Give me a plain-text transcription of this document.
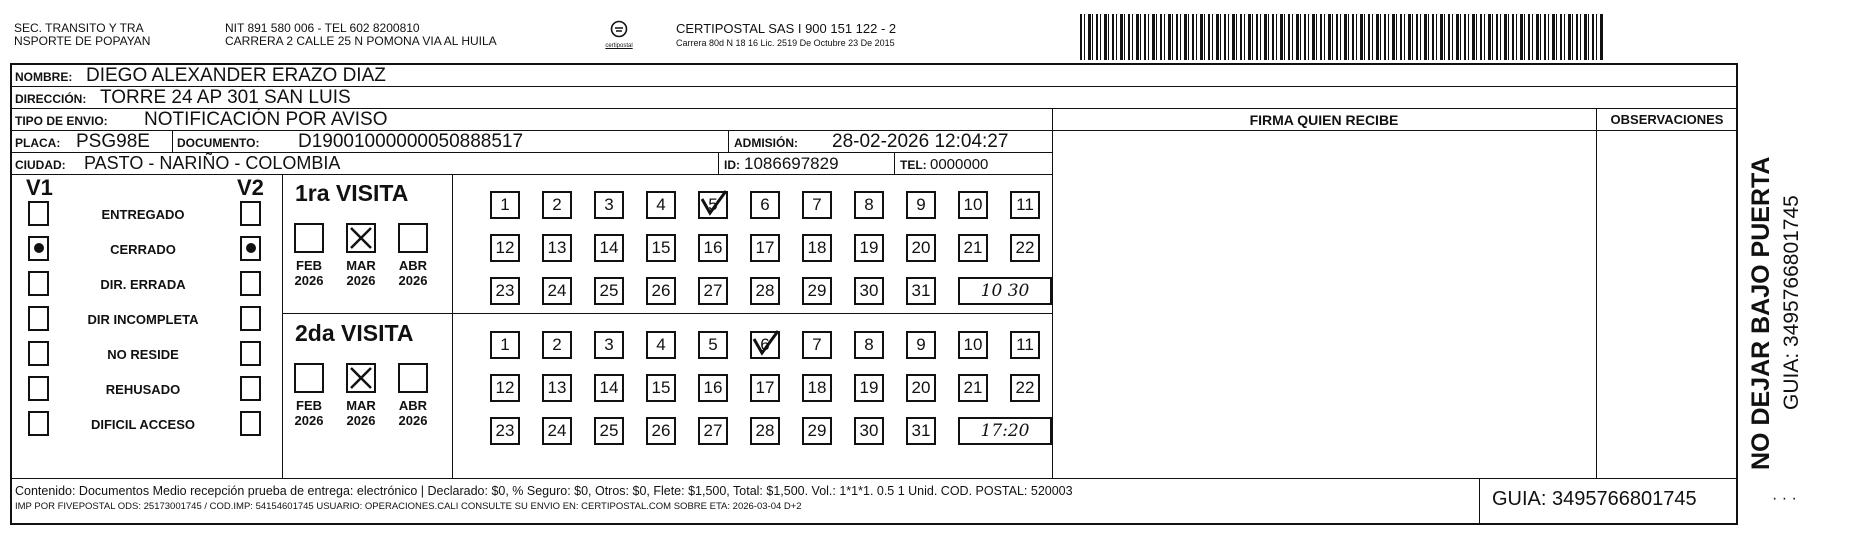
SEC. TRANSITO Y TRA
NSPORTE DE POPAYAN
NIT 891 580 006 - TEL 602 8200810
CARRERA 2 CALLE 25 N POMONA VIA AL HUILA	certipostal
CERTIPOSTAL SAS I 900 151 122 - 2
Carrera 80d N 18 16 Lic. 2519 De Octubre 23 De 2015
NOMBRE: DIEGO ALEXANDER ERAZO DIAZ
DIRECCIÓN: TORRE 24 AP 301 SAN LUIS
TIPO DE ENVIO: NOTIFICACIÓN POR AVISO
PLACA: PSG98E DOCUMENTO: D19001000000050888517	ADMISIÓN: 28-02-2026 12:04:27
CIUDAD: PASTO - NARIÑO - COLOMBIA	ID: 1086697829	TEL: 0000000
FIRMA QUIEN RECIBE	OBSERVACIONES
V1	V2
ENTREGADO
CERRADO
DIR. ERRADA
DIR INCOMPLETA
NO RESIDE
REHUSADO
DIFICIL ACCESO
1ra VISITA
FEB
2026
MAR
2026
ABR
2026
1	2	3	4	5	6	7	8	9	10	11
12	13	14	15	16	17	18	19	20	21	22
23	24	25	26	27	28	29	30	31	10 30
2da VISITA
FEB
2026
MAR
2026
ABR
2026
1	2	3	4	5	6	7	8	9	10	11
12	13	14	15	16	17	18	19	20	21	22
23	24	25	26	27	28	29	30	31	17:20
Contenido: Documentos Medio recepción prueba de entrega: electrónico | Declarado: $0, % Seguro: $0, Otros: $0, Flete: $1,500, Total: $1,500. Vol.: 1*1*1. 0.5 1 Unid. COD. POSTAL: 520003
IMP POR FIVEPOSTAL ODS: 25173001745 / COD.IMP: 54154601745 USUARIO: OPERACIONES.CALI CONSULTE SU ENVIO EN: CERTIPOSTAL.COM SOBRE ETA: 2026-03-04 D+2	GUIA: 3495766801745
NO DEJAR BAJO PUERTA GUIA: 3495766801745
· · ·
